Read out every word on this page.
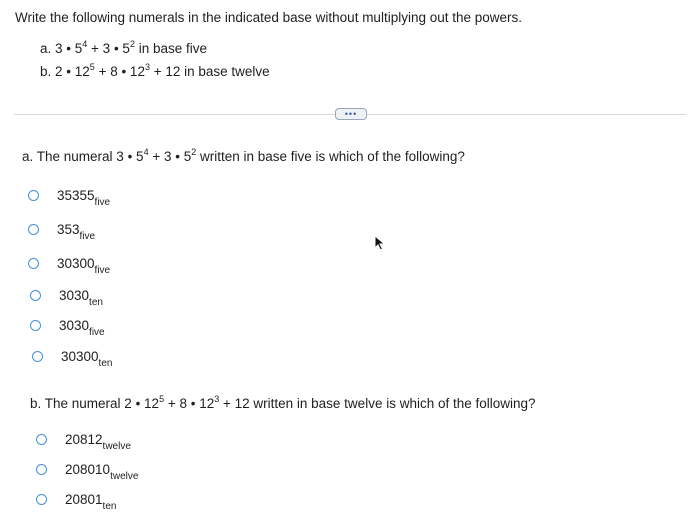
Write the following numerals in the indicated base without multiplying out the powers.
a. 3 • $5^4 + 3$ • $5^2$ in base five
b. 2 • $12^5 + 8$ • $12^3 + 12$ in base twelve
•••
a. The numeral 3 • $5^4 + 3$ • $5^2$ written in base five is which of the following?
$35355_{five}$
$353_{five}$
$30300_{five}$
$3030_{ten}$
$3030_{five}$
$30300_{ten}$
b. The numeral 2 • $12^5 + 8$ • $12^3 + 12$ written in base twelve is which of the following?
$20812_{twelve}$
$208010_{twelve}$
$20801_{ten}$
